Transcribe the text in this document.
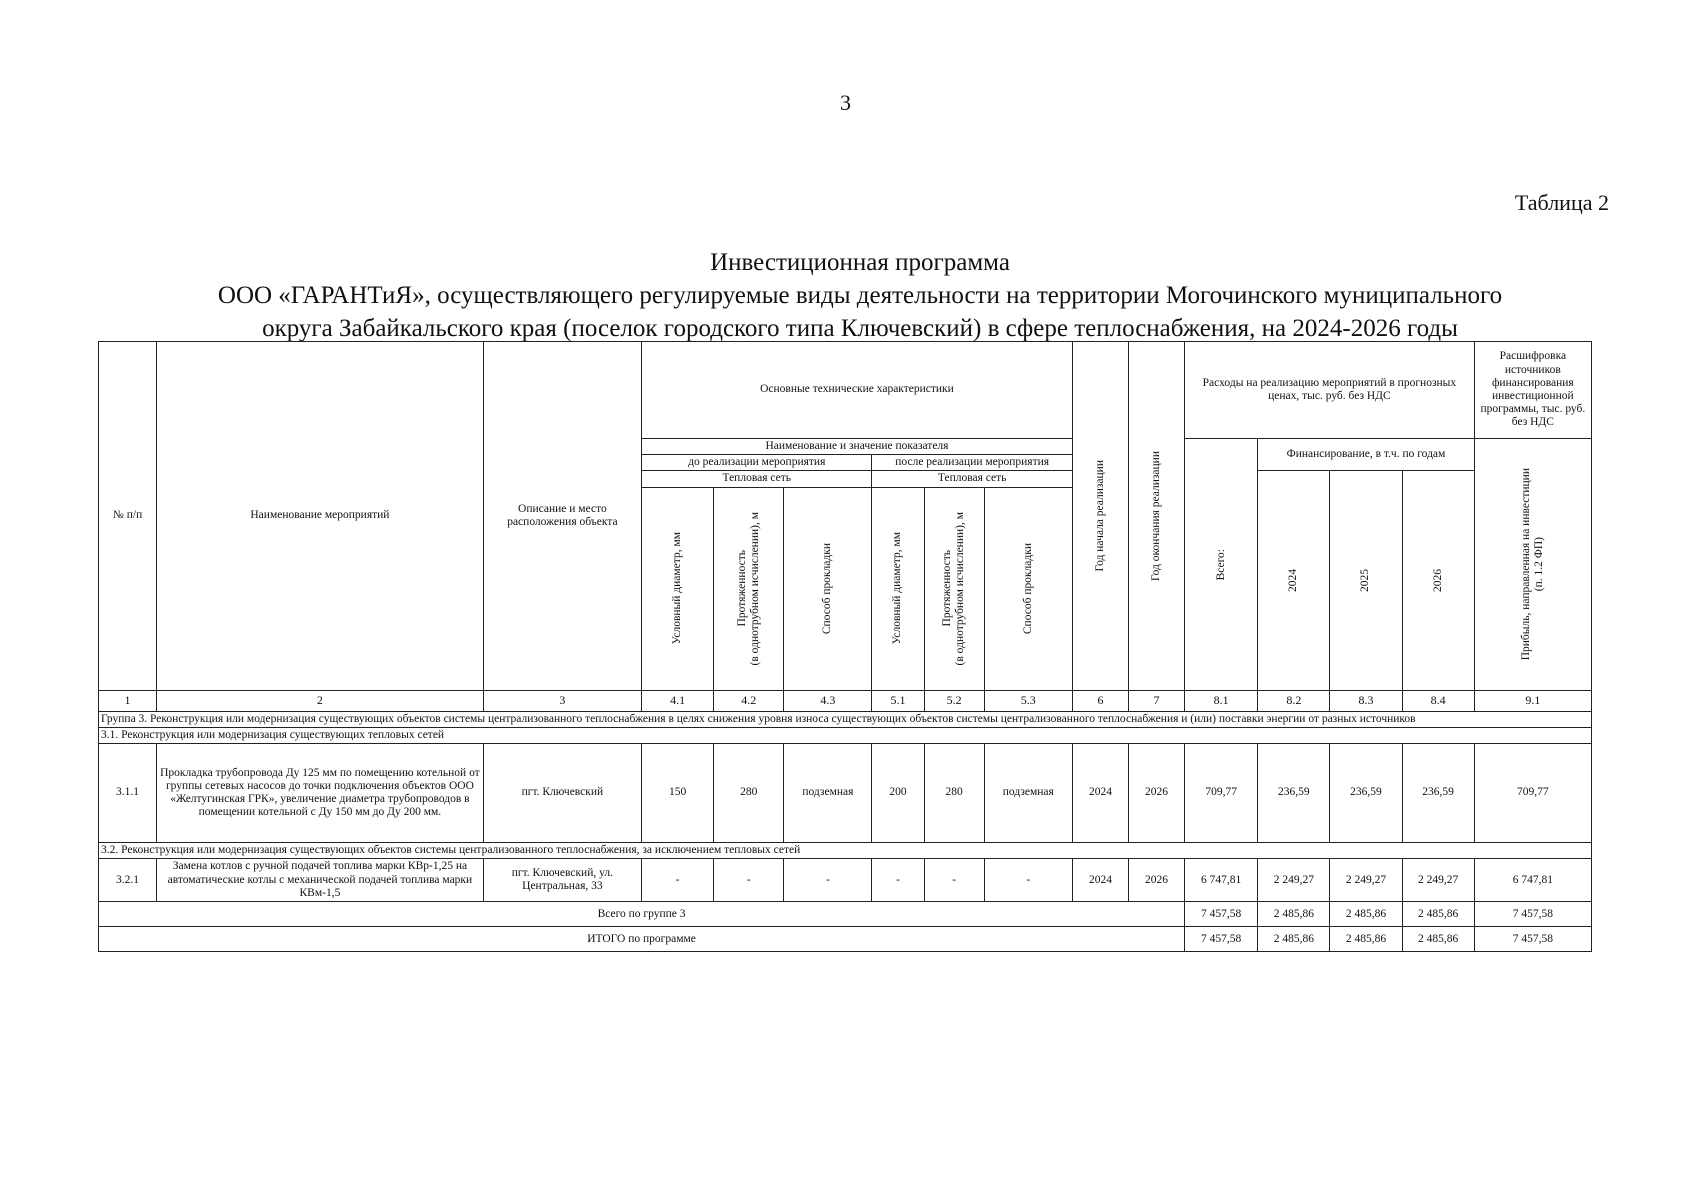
3
Таблица 2
Инвестиционная программа
ООО «ГАРАНТиЯ», осуществляющего регулируемые виды деятельности на территории Могочинского муниципального
округа Забайкальского края (поселок городского типа Ключевский) в сфере теплоснабжения, на 2024-2026 годы
№ п/п	Наименование мероприятий	Описание и место расположения объекта	Основные технические характеристики						Год начала реализации	Год окончания реализации	Расходы на реализацию мероприятий в прогнозных ценах, тыс. руб. без НДС				Расшифровка источников финансирования инвестиционной программы, тыс. руб. без НДС
			Наименование и значение показателя								Всего:	Финансирование, в т.ч. по годам			Прибыль, направленная на инвестиции (п. 1.2 ФП)

			до реализации мероприятия			после реализации мероприятия									
			Тепловая сеть			Тепловая сеть						2024	2025	2026	

			Условный диаметр, мм	Протяженность (в однотрубном исчислении), м	Способ прокладки	Условный диаметр, мм	Протяженность (в однотрубном исчислении), м	Способ прокладки							

1	2	3	4.1	4.2	4.3	5.1	5.2	5.3	6	7	8.1	8.2	8.3	8.4	9.1
Группа 3. Реконструкция или модернизация существующих объектов системы централизованного теплоснабжения в целях снижения уровня износа существующих объектов системы централизованного теплоснабжения и (или) поставки энергии от разных источников															
3.1. Реконструкция или модернизация существующих тепловых сетей															
3.1.1	Прокладка трубопровода Ду 125 мм по помещению котельной от группы сетевых насосов до точки подключения объектов ООО «Желтугинская ГРК», увеличение диаметра трубопроводов в помещении котельной с Ду 150 мм до Ду 200 мм.	пгт. Ключевский	150	280	подземная	200	280	подземная	2024	2026	709,77	236,59	236,59	236,59	709,77
3.2. Реконструкция или модернизация существующих объектов системы централизованного теплоснабжения, за исключением тепловых сетей															
3.2.1	Замена котлов с ручной подачей топлива марки КВр-1,25 на автоматические котлы с механической подачей топлива марки КВм-1,5	пгт. Ключевский, ул. Центральная, 33	-	-	-	-	-	-	2024	2026	6 747,81	2 249,27	2 249,27	2 249,27	6 747,81
Всего по группе 3											7 457,58	2 485,86	2 485,86	2 485,86	7 457,58
ИТОГО по программе											7 457,58	2 485,86	2 485,86	2 485,86	7 457,58
